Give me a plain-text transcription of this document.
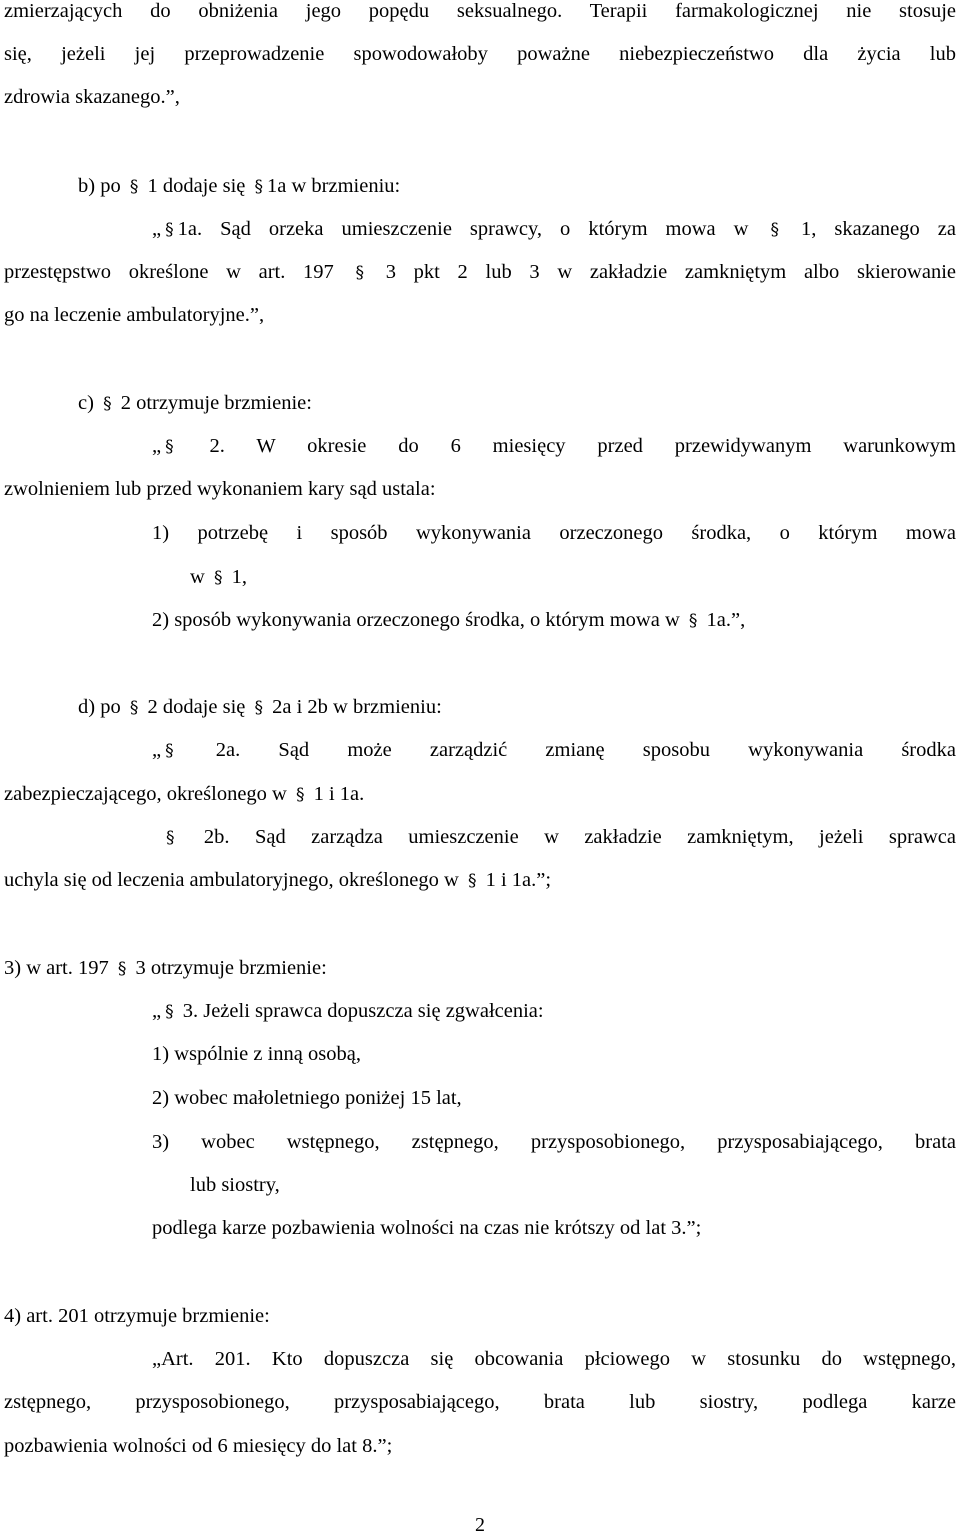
zmierzających do obniżenia jego popędu seksualnego. Terapii farmakologicznej nie stosuje
się, jeżeli jej przeprowadzenie spowodowałoby poważne niebezpieczeństwo dla życia lub
zdrowia skazanego.”,
b) po § 1 dodaje się § 1a w brzmieniu:
„ § 1a. Sąd orzeka umieszczenie sprawcy, o którym mowa w § 1, skazanego za
przestępstwo określone w art. 197 § 3 pkt 2 lub 3 w zakładzie zamkniętym albo skierowanie
go na leczenie ambulatoryjne.”,
c) § 2 otrzymuje brzmienie:
„ § 2. W okresie do 6 miesięcy przed przewidywanym warunkowym
zwolnieniem lub przed wykonaniem kary sąd ustala:
1) potrzebę i sposób wykonywania orzeczonego środka, o którym mowa
w § 1,
2) sposób wykonywania orzeczonego środka, o którym mowa w § 1a.”,
d) po § 2 dodaje się § 2a i 2b w brzmieniu:
„ § 2a. Sąd może zarządzić zmianę sposobu wykonywania środka
zabezpieczającego, określonego w § 1 i 1a.
§ 2b. Sąd zarządza umieszczenie w zakładzie zamkniętym, jeżeli sprawca
uchyla się od leczenia ambulatoryjnego, określonego w § 1 i 1a.”;
3) w art. 197 § 3 otrzymuje brzmienie:
„ § 3. Jeżeli sprawca dopuszcza się zgwałcenia:
1) wspólnie z inną osobą,
2) wobec małoletniego poniżej 15 lat,
3) wobec wstępnego, zstępnego, przysposobionego, przysposabiającego, brata
lub siostry,
podlega karze pozbawienia wolności na czas nie krótszy od lat 3.”;
4) art. 201 otrzymuje brzmienie:
„Art. 201. Kto dopuszcza się obcowania płciowego w stosunku do wstępnego,
zstępnego, przysposobionego, przysposabiającego, brata lub siostry, podlega karze
pozbawienia wolności od 6 miesięcy do lat 8.”;
2
